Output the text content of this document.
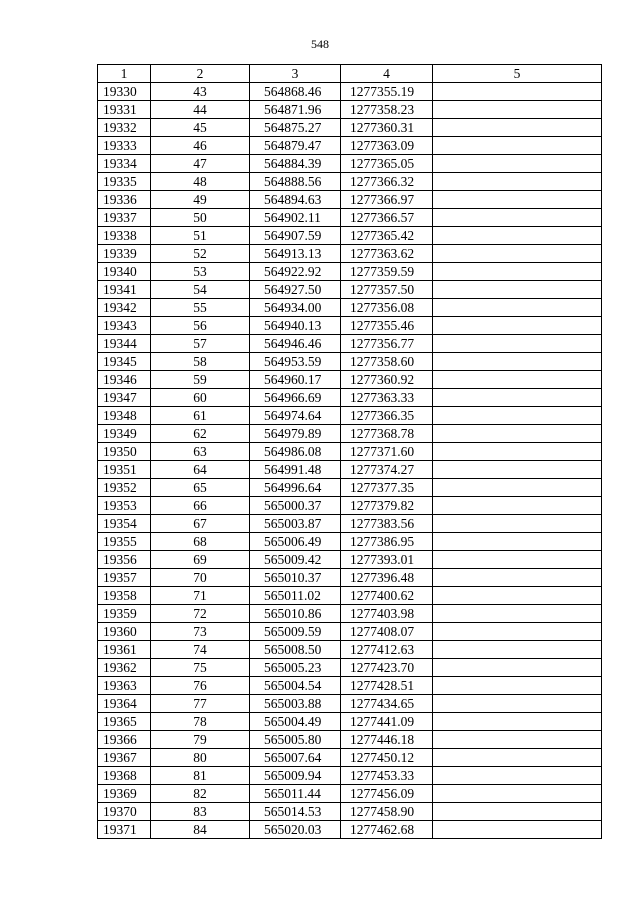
548
1	2	3	4	5
19330	43	564868.46	1277355.19	
19331	44	564871.96	1277358.23	
19332	45	564875.27	1277360.31	
19333	46	564879.47	1277363.09	
19334	47	564884.39	1277365.05	
19335	48	564888.56	1277366.32	
19336	49	564894.63	1277366.97	
19337	50	564902.11	1277366.57	
19338	51	564907.59	1277365.42	
19339	52	564913.13	1277363.62	
19340	53	564922.92	1277359.59	
19341	54	564927.50	1277357.50	
19342	55	564934.00	1277356.08	
19343	56	564940.13	1277355.46	
19344	57	564946.46	1277356.77	
19345	58	564953.59	1277358.60	
19346	59	564960.17	1277360.92	
19347	60	564966.69	1277363.33	
19348	61	564974.64	1277366.35	
19349	62	564979.89	1277368.78	
19350	63	564986.08	1277371.60	
19351	64	564991.48	1277374.27	
19352	65	564996.64	1277377.35	
19353	66	565000.37	1277379.82	
19354	67	565003.87	1277383.56	
19355	68	565006.49	1277386.95	
19356	69	565009.42	1277393.01	
19357	70	565010.37	1277396.48	
19358	71	565011.02	1277400.62	
19359	72	565010.86	1277403.98	
19360	73	565009.59	1277408.07	
19361	74	565008.50	1277412.63	
19362	75	565005.23	1277423.70	
19363	76	565004.54	1277428.51	
19364	77	565003.88	1277434.65	
19365	78	565004.49	1277441.09	
19366	79	565005.80	1277446.18	
19367	80	565007.64	1277450.12	
19368	81	565009.94	1277453.33	
19369	82	565011.44	1277456.09	
19370	83	565014.53	1277458.90	
19371	84	565020.03	1277462.68	
